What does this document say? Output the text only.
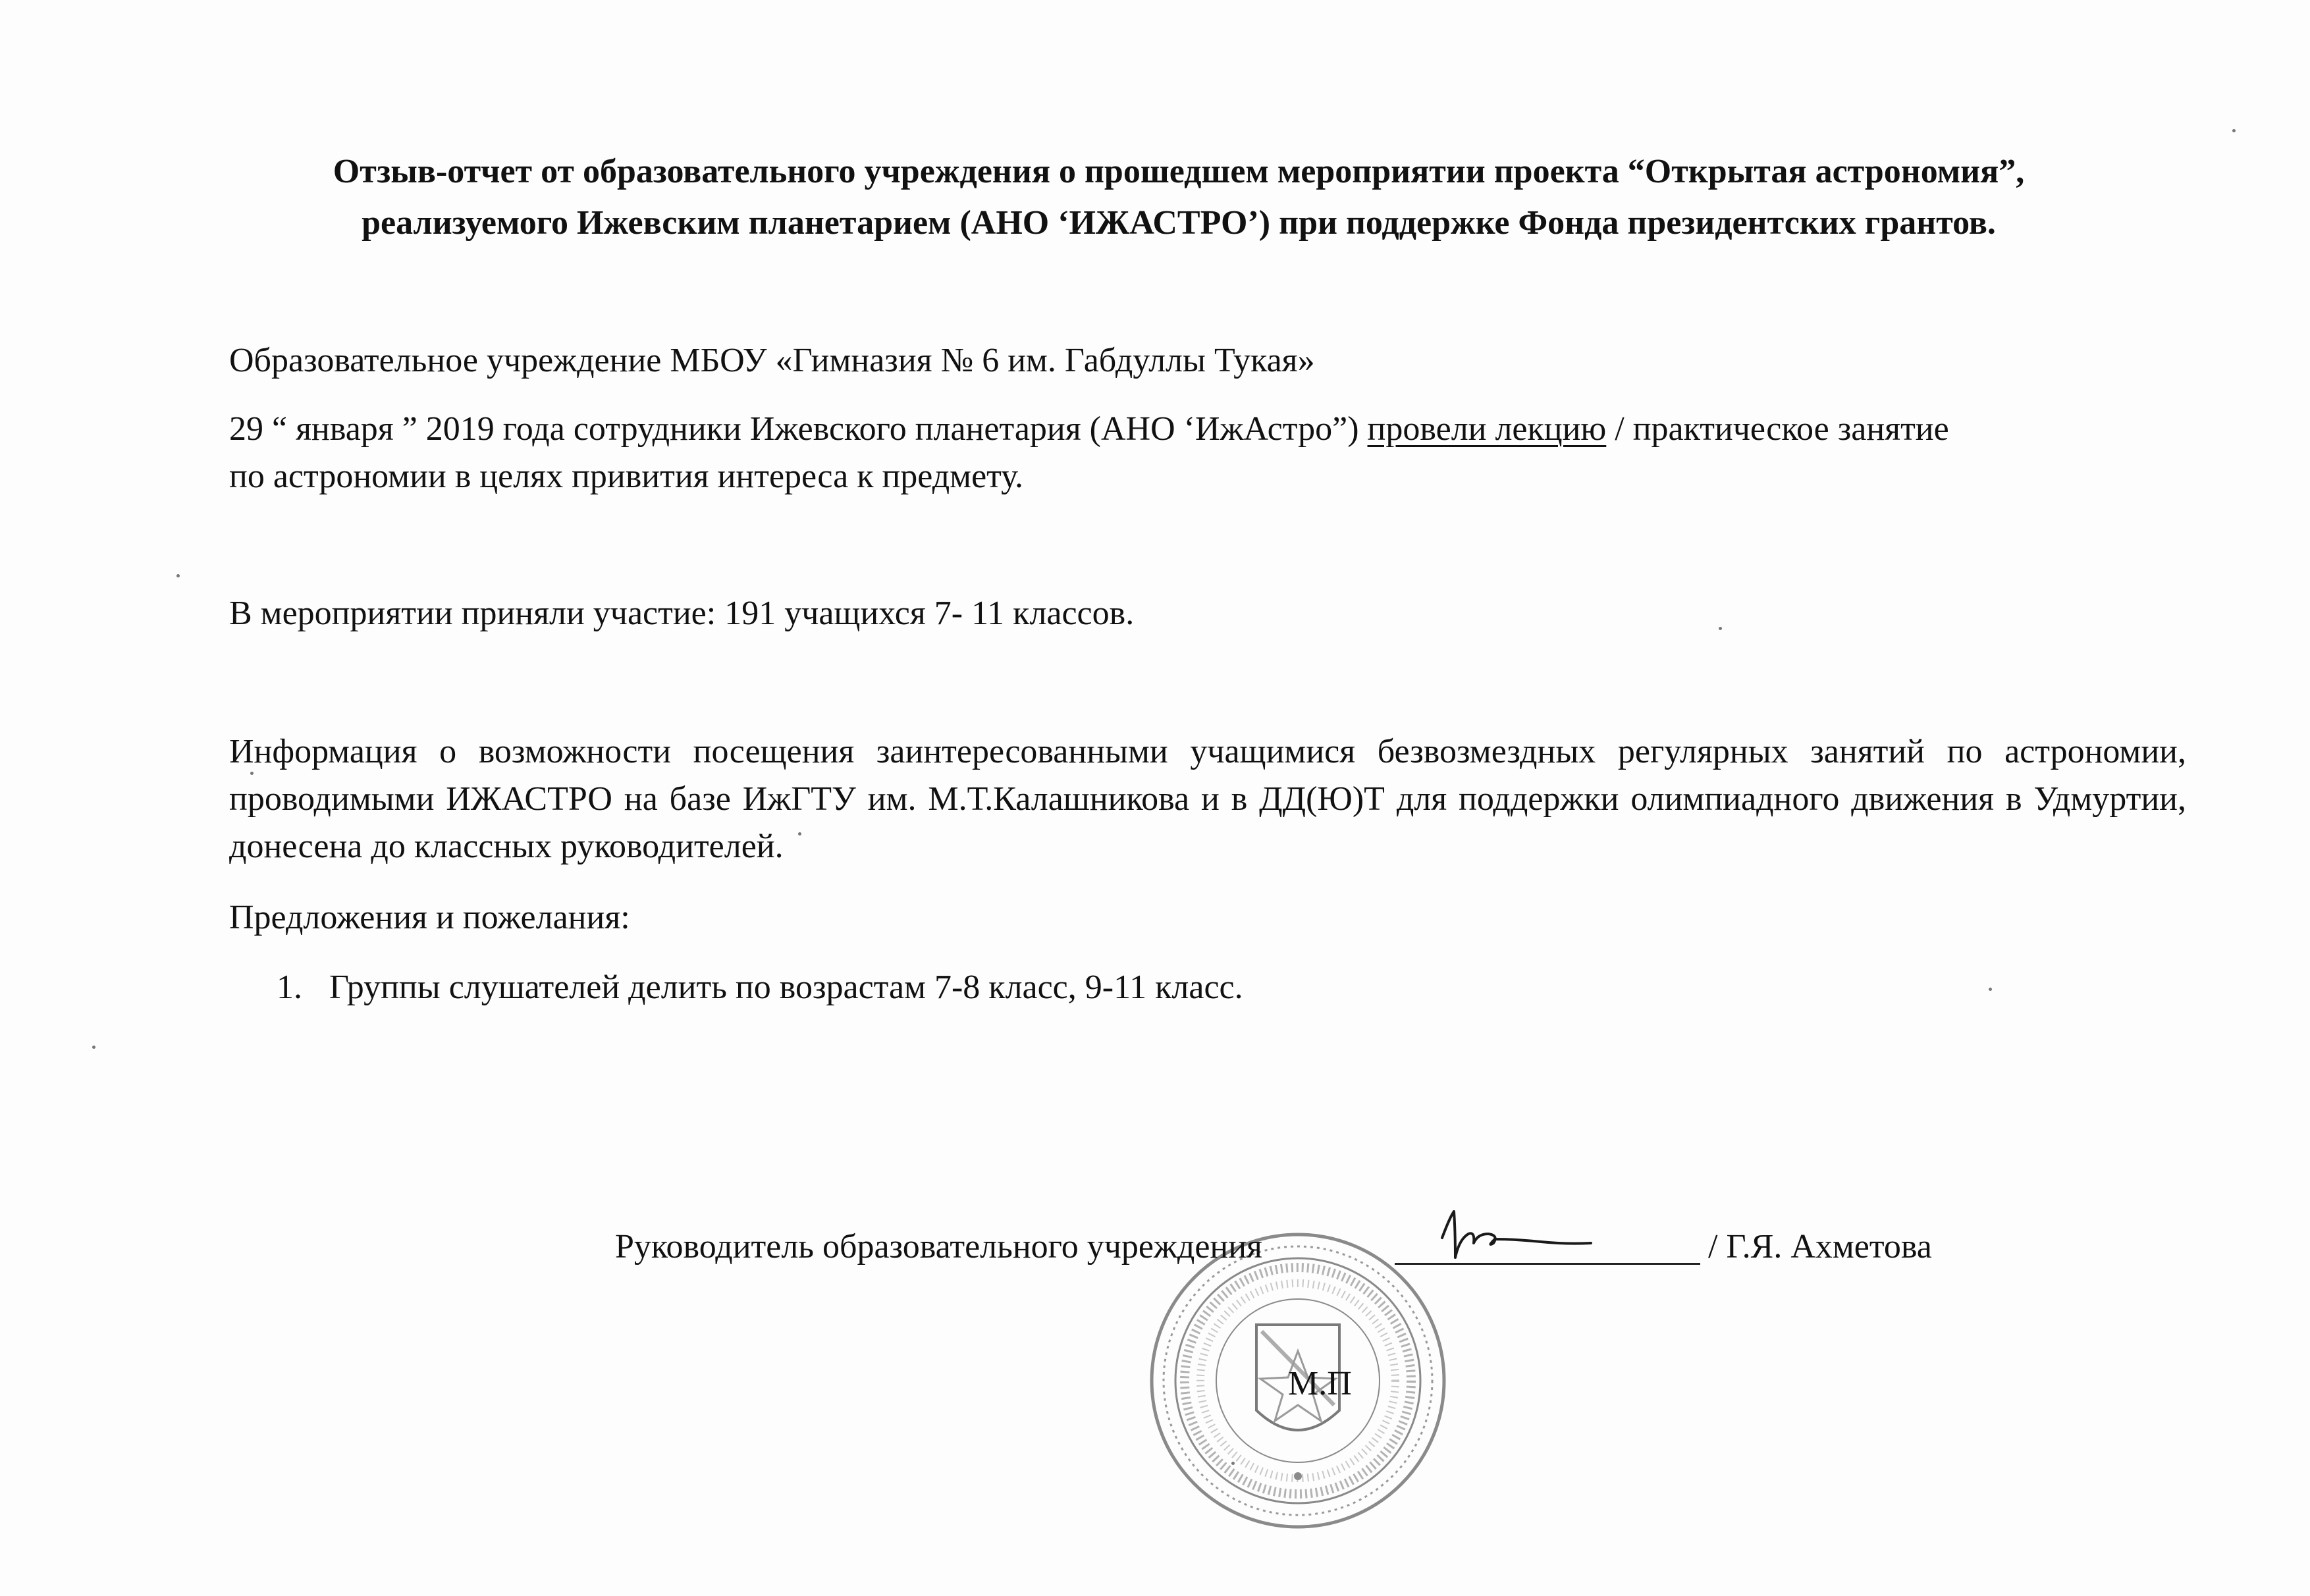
Отзыв-отчет от образовательного учреждения о прошедшем мероприятии проекта “Открытая астрономия”,
реализуемого Ижевским планетарием (АНО ‘ИЖАСТРО’) при поддержке Фонда президентских грантов.
Образовательное учреждение МБОУ «Гимназия № 6 им. Габдуллы Тукая»
29 “ января ” 2019 года сотрудники Ижевского планетария (АНО ‘ИжАстро”) провели лекцию / практическое занятие
по астрономии в целях привития интереса к предмету.
В мероприятии приняли участие: 191 учащихся 7- 11 классов.
Информация о возможности посещения заинтересованными учащимися безвозмездных регулярных занятий по астрономии, проводимыми ИЖАСТРО на базе ИжГТУ им. М.Т.Калашникова и в ДД(Ю)Т для поддержки олимпиадного движения в Удмуртии, донесена до классных руководителей.
Предложения и пожелания:
1. Группы слушателей делить по возрастам 7-8 класс, 9-11 класс.
М.П
Руководитель образовательного учреждения	/ Г.Я. Ахметова
